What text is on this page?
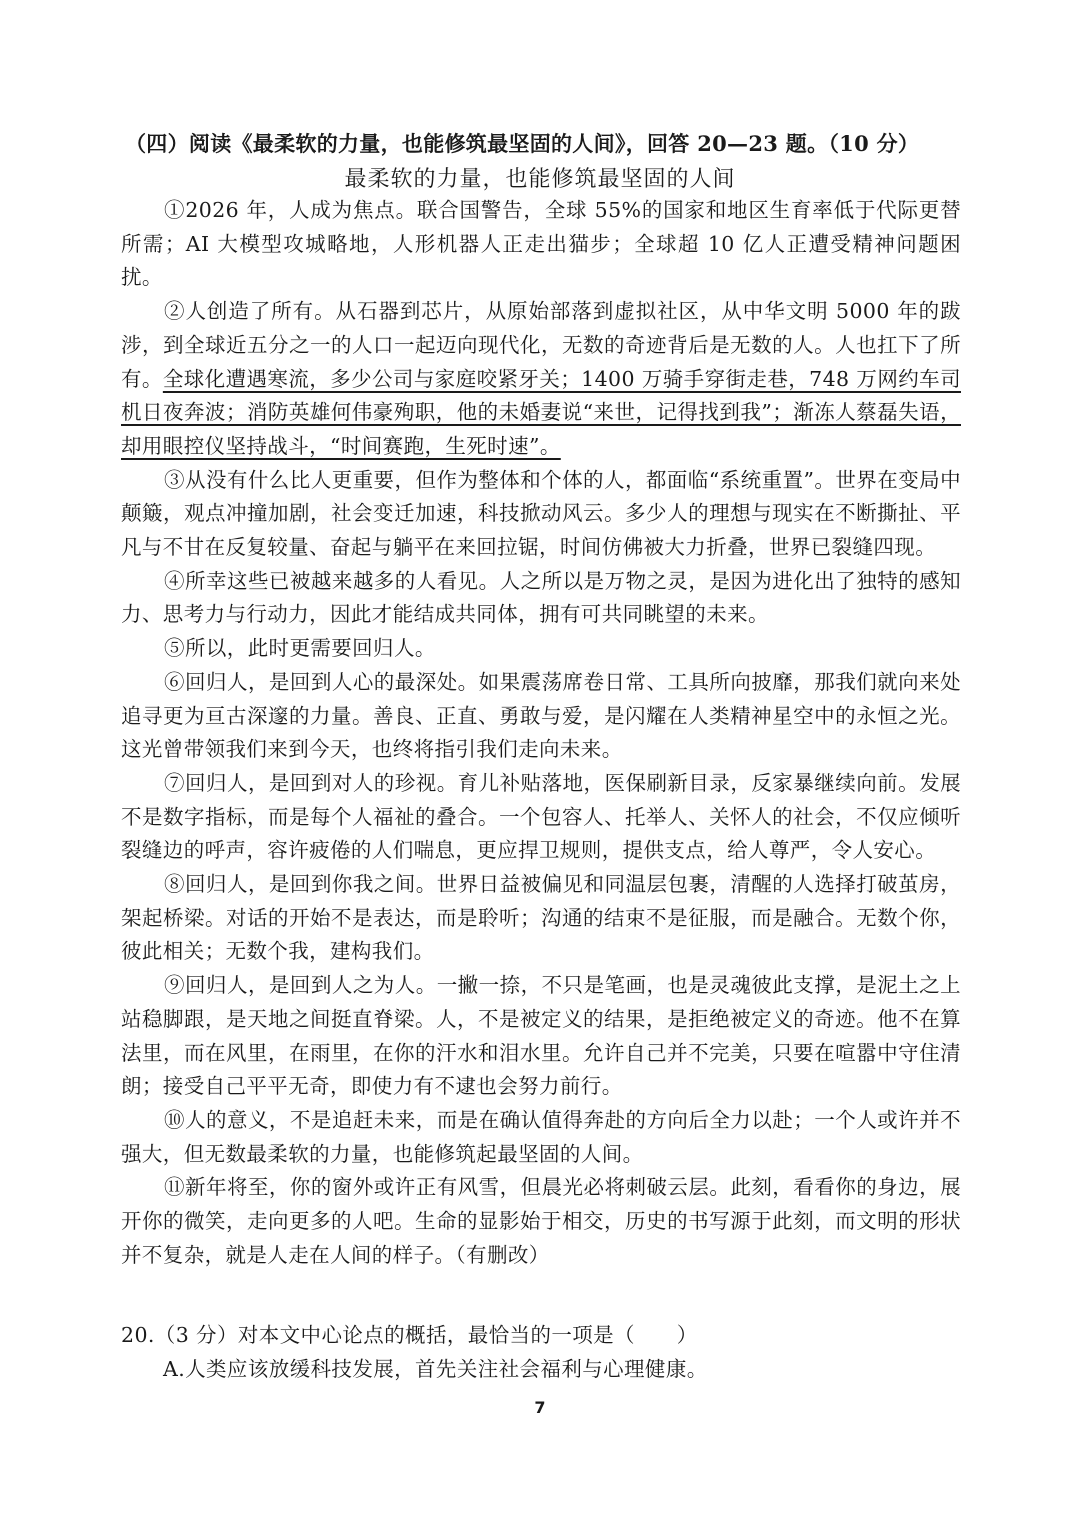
（四）阅读《最柔软的力量，也能修筑最坚固的人间》，回答 20—23 题。（10 分）
最柔软的力量，也能修筑最坚固的人间

①2026 年，人成为焦点。联合国警告，全球 55%的国家和地区生育率低于代际更替所需；AI 大模型攻城略地，人形机器人正走出猫步；全球超 10 亿人正遭受精神问题困扰。

②人创造了所有。从石器到芯片，从原始部落到虚拟社区，从中华文明 5000 年的跋涉，到全球近五分之一的人口一起迈向现代化，无数的奇迹背后是无数的人。人也扛下了所有。全球化遭遇寒流，多少公司与家庭咬紧牙关；1400 万骑手穿街走巷，748 万网约车司机日夜奔波；消防英雄何伟豪殉职，他的未婚妻说“来世，记得找到我”；渐冻人蔡磊失语，却用眼控仪坚持战斗，“时间赛跑，生死时速”。

③从没有什么比人更重要，但作为整体和个体的人，都面临“系统重置”。世界在变局中颠簸，观点冲撞加剧，社会变迁加速，科技掀动风云。多少人的理想与现实在不断撕扯、平凡与不甘在反复较量、奋起与躺平在来回拉锯，时间仿佛被大力折叠，世界已裂缝四现。

④所幸这些已被越来越多的人看见。人之所以是万物之灵，是因为进化出了独特的感知力、思考力与行动力，因此才能结成共同体，拥有可共同眺望的未来。

⑤所以，此时更需要回归人。

⑥回归人，是回到人心的最深处。如果震荡席卷日常、工具所向披靡，那我们就向来处追寻更为亘古深邃的力量。善良、正直、勇敢与爱，是闪耀在人类精神星空中的永恒之光。这光曾带领我们来到今天，也终将指引我们走向未来。

⑦回归人，是回到对人的珍视。育儿补贴落地，医保刷新目录，反家暴继续向前。发展不是数字指标，而是每个人福祉的叠合。一个包容人、托举人、关怀人的社会，不仅应倾听裂缝边的呼声，容许疲倦的人们喘息，更应捍卫规则，提供支点，给人尊严，令人安心。

⑧回归人，是回到你我之间。世界日益被偏见和同温层包裹，清醒的人选择打破茧房，架起桥梁。对话的开始不是表达，而是聆听；沟通的结束不是征服，而是融合。无数个你，彼此相关；无数个我，建构我们。

⑨回归人，是回到人之为人。一撇一捺，不只是笔画，也是灵魂彼此支撑，是泥土之上站稳脚跟，是天地之间挺直脊梁。人，不是被定义的结果，是拒绝被定义的奇迹。他不在算法里，而在风里，在雨里，在你的汗水和泪水里。允许自己并不完美，只要在喧嚣中守住清朗；接受自己平平无奇，即使力有不逮也会努力前行。

⑩人的意义，不是追赶未来，而是在确认值得奔赴的方向后全力以赴；一个人或许并不强大，但无数最柔软的力量，也能修筑起最坚固的人间。

⑪新年将至，你的窗外或许正有风雪，但晨光必将刺破云层。此刻，看看你的身边，展开你的微笑，走向更多的人吧。生命的显影始于相交，历史的书写源于此刻，而文明的形状并不复杂，就是人走在人间的样子。（有删改）

20.（3 分）对本文中心论点的概括，最恰当的一项是（　　）
A.人类应该放缓科技发展，首先关注社会福利与心理健康。
7
